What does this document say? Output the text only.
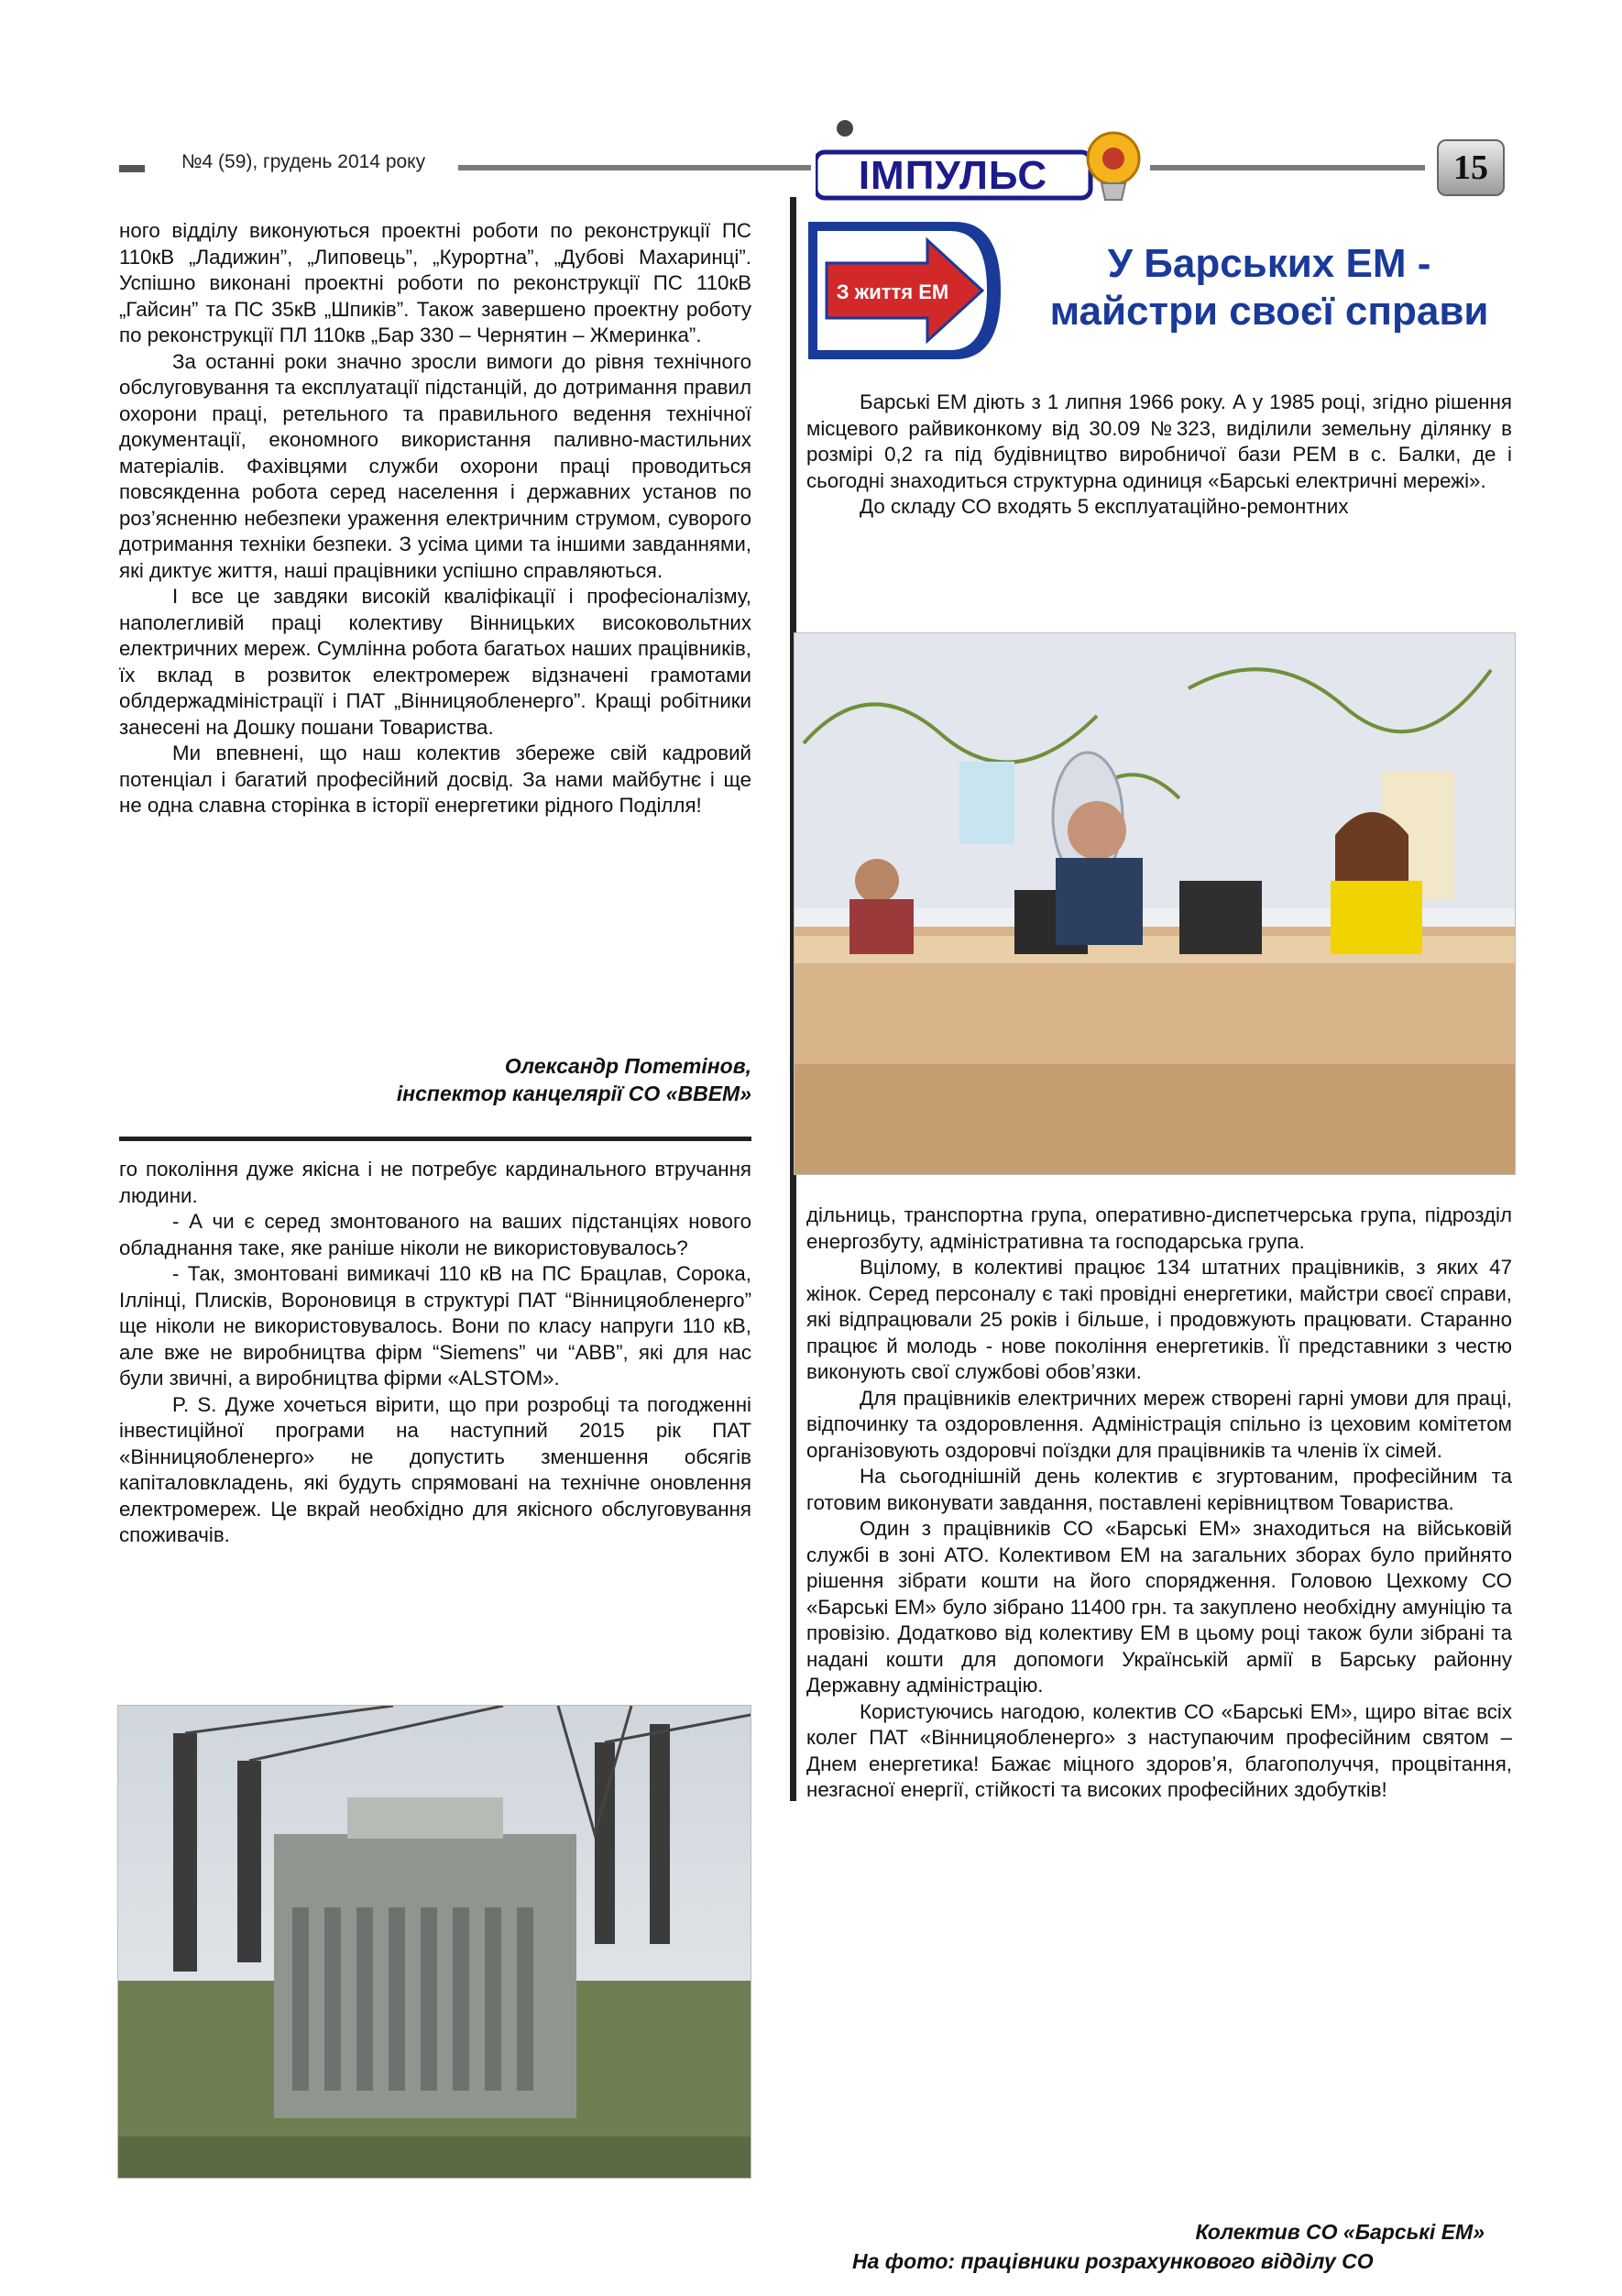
№4 (59), грудень 2014 року	ІМПУЛЬС	15

ного відділу виконуються проектні роботи по реконструкції ПС 110кВ „Ладижин”, „Липовець”, „Курортна”, „Дубові Махаринці”. Успішно виконані проектні роботи по реконструкції ПС 110кВ „Гайсин” та ПС 35кВ „Шпиків”. Також завершено проектну роботу по реконструкції ПЛ 110кв „Бар 330 – Чернятин – Жмеринка”.

За останні роки значно зросли вимоги до рівня технічного обслуговування та експлуатації підстанцій, до дотримання правил охорони праці, ретельного та правильного ведення технічної документації, економного використання паливно-мастильних матеріалів. Фахівцями служби охорони праці проводиться повсякденна робота серед населення і державних установ по роз’ясненню небезпеки ураження електричним струмом, суворого дотримання техніки безпеки. З усіма цими та іншими завданнями, які диктує життя, наші працівники успішно справляються.

І все це завдяки високій кваліфікації і професіоналізму, наполегливій праці колективу Вінницьких високовольтних електричних мереж. Сумлінна робота багатьох наших працівників, їх вклад в розвиток електромереж відзначені грамотами облдержадміністрації і ПАТ „Вінницяобленерго”. Кращі робітники занесені на Дошку пошани Товариства.

Ми впевнені, що наш колектив збереже свій кадровий потенціал і багатий професійний досвід. За нами майбутнє і ще не одна славна сторінка в історії енергетики рідного Поділля!

Олександр Потетінов,
інспектор канцелярії СО «ВВЕМ»

го покоління дуже якісна і не потребує кардинального втручання людини.

- А чи є серед змонтованого на ваших підстанціях нового обладнання таке, яке раніше ніколи не використовувалось?

- Так, змонтовані вимикачі 110 кВ на ПС Брацлав, Сорока, Іллінці, Плисків, Вороновиця в структурі ПАТ “Вінницяобленерго” ще ніколи не використовувалось. Вони по класу напруги 110 кВ, але вже не виробництва фірм “Siemens” чи “ABB”, які для нас були звичні, а виробництва фірми «ALSTOM».

P. S. Дуже хочеться вірити, що при розробці та погодженні інвестиційної програми на наступний 2015 рік ПАТ «Вінницяобленерго» не допустить зменшення обсягів капіталовкладень, які будуть спрямовані на технічне оновлення електромереж. Це вкрай необхідно для якісного обслуговування споживачів.

З життя ЕМ
У Барських ЕМ -
майстри своєї справи

Барські ЕМ діють з 1 липня 1966 року. А у 1985 році, згідно рішення місцевого райвиконкому від 30.09 №323, виділили земельну ділянку в розмірі 0,2 га під будівництво виробничої бази РЕМ в с. Балки, де і сьогодні знаходиться структурна одиниця «Барські електричні мережі».

До складу СО входять 5 експлуатаційно-ремонтних

дільниць, транспортна група, оперативно-диспетчерська група, підрозділ енергозбуту, адміністративна та господарська група.

Вцілому, в колективі працює 134 штатних працівників, з яких 47 жінок. Серед персоналу є такі провідні енергетики, майстри своєї справи, які відпрацювали 25 років і більше, і продовжують працювати. Старанно працює й молодь - нове покоління енергетиків. Її представники з честю виконують свої службові обов’язки.

Для працівників електричних мереж створені гарні умови для праці, відпочинку та оздоровлення. Адміністрація спільно із цеховим комітетом організовують оздоровчі поїздки для працівників та членів їх сімей.

На сьогоднішній день колектив є згуртованим, професійним та готовим виконувати завдання, поставлені керівництвом Товариства.

Один з працівників СО «Барські ЕМ» знаходиться на військовій службі в зоні АТО. Колективом ЕМ на загальних зборах було прийнято рішення зібрати кошти на його спорядження. Головою Цехкому СО «Барські ЕМ» було зібрано 11400 грн. та закуплено необхідну амуніцію та провізію. Додатково від колективу ЕМ в цьому році також були зібрані та надані кошти для допомоги Українській армії в Барську районну Державну адміністрацію.

Користуючись нагодою, колектив СО «Барські ЕМ», щиро вітає всіх колег ПАТ «Вінницяобленерго» з наступаючим професійним святом – Днем енергетика! Бажає міцного здоров’я, благополуччя, процвітання, незгасної енергії, стійкості та високих професійних здобутків!

Колектив СО «Барські ЕМ»
На фото: працівники розрахункового відділу СО
